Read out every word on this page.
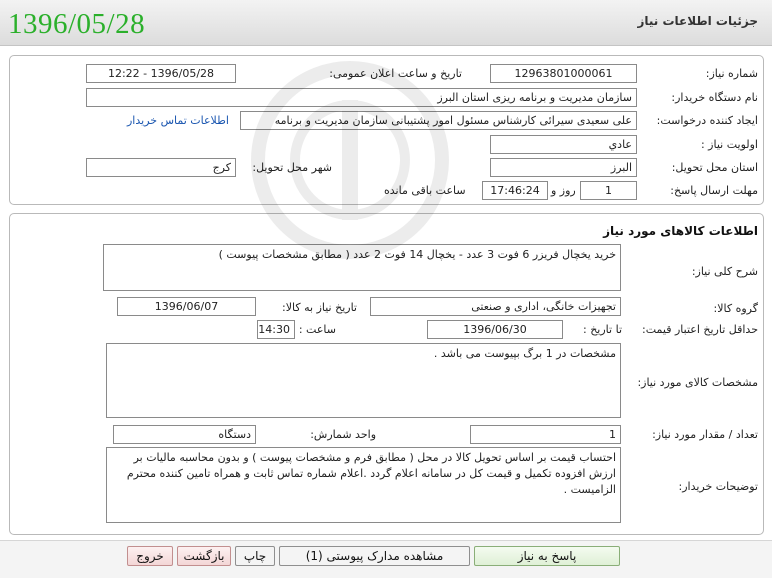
جزئیات اطلاعات نیاز
1396/05/28
شماره نیاز:
12963801000061
تاریخ و ساعت اعلان عمومی:
1396/05/28 - 12:22
نام دستگاه خریدار:
سازمان مدیریت و برنامه ریزی استان البرز
ایجاد کننده درخواست:
علی سعیدی سیرائی کارشناس مسئول امور پشتیبانی سازمان مدیریت و برنامه
اطلاعات تماس خریدار
اولویت نیاز :
عادي
استان محل تحویل:
البرز
شهر محل تحویل:
کرج
مهلت ارسال پاسخ:
1
روز و
17:46:24
ساعت باقی مانده
اطلاعات کالاهای مورد نیاز
شرح کلی نیاز:
خرید یخچال فریزر 6 فوت 3 عدد - یخچال 14 فوت 2 عدد ( مطابق مشخصات پیوست )
گروه کالا:
تجهیزات خانگی، اداری و صنعتی
تاریخ نیاز به کالا:
1396/06/07
حداقل تاریخ اعتبار قیمت:
تا تاریخ :
1396/06/30
ساعت :
14:30
مشخصات کالای مورد نیاز:
مشخصات در 1 برگ بپیوست می باشد .
تعداد / مقدار مورد نیاز:
1
واحد شمارش:
دستگاه
توضیحات خریدار:
احتساب قیمت بر اساس تحویل کالا در محل ( مطابق فرم و مشخصات پیوست ) و بدون محاسبه مالیات بر ارزش افزوده تکمیل و قیمت کل در سامانه اعلام گردد .اعلام شماره تماس ثابت و همراه تامین کننده محترم الزامیست .
پاسخ به نیاز
مشاهده مدارک پیوستی (1)
چاپ
بازگشت
خروج
